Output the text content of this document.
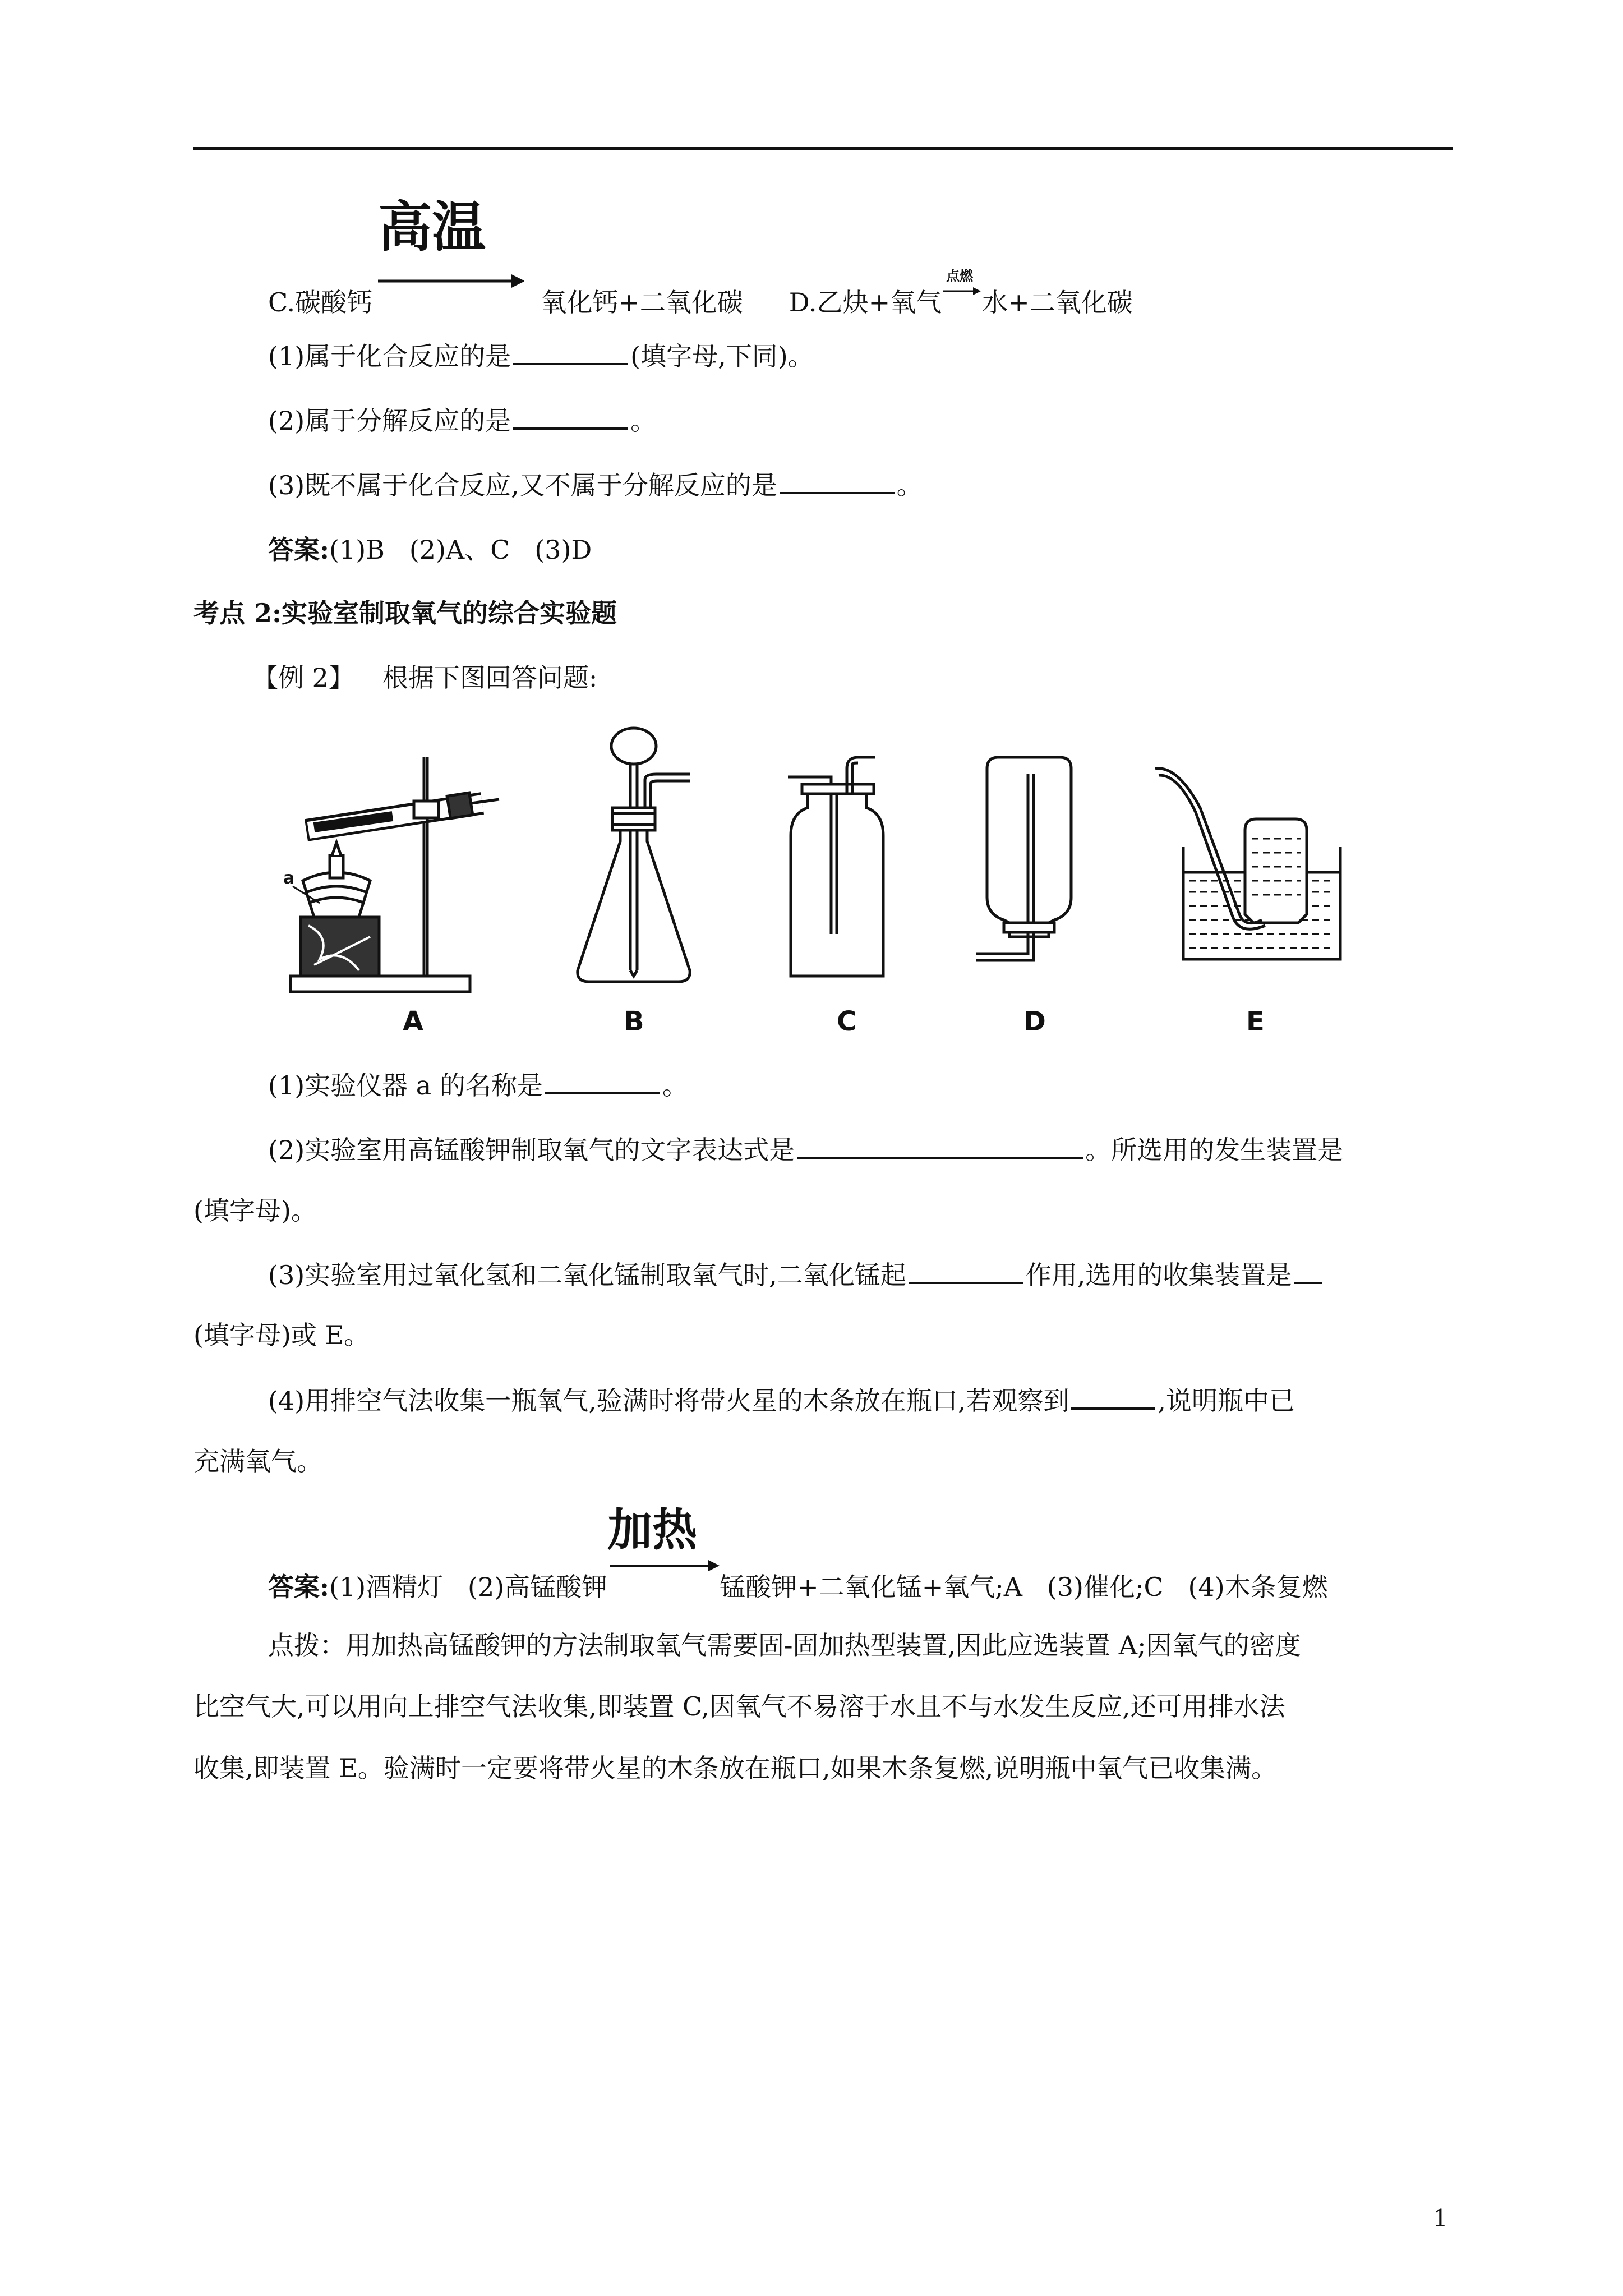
C.碳酸钙
高温
氧化钙+二氧化碳 D.乙炔+氧气
点燃
水+二氧化碳
(1)属于化合反应的是	(填字母,下同)。
(2)属于分解反应的是	。
(3)既不属于化合反应,又不属于分解反应的是	。
答案:(1)B   (2)A、C   (3)D
考点 2:实验室制取氧气的综合实验题
【例 2】 根据下图回答问题:
a
A	B	C	D	E
(1)实验仪器 a 的名称是	。
(2)实验室用高锰酸钾制取氧气的文字表达式是	。所选用的发生装置是
(填字母)。
(3)实验室用过氧化氢和二氧化锰制取氧气时,二氧化锰起	作用,选用的收集装置是
(填字母)或 E。
(4)用排空气法收集一瓶氧气,验满时将带火星的木条放在瓶口,若观察到	,说明瓶中已
充满氧气。
答案:(1)酒精灯   (2)高锰酸钾
加热
锰酸钾+二氧化锰+氧气;A   (3)催化;C   (4)木条复燃
点拨：用加热高锰酸钾的方法制取氧气需要固-固加热型装置,因此应选装置 A;因氧气的密度
比空气大,可以用向上排空气法收集,即装置 C,因氧气不易溶于水且不与水发生反应,还可用排水法
收集,即装置 E。验满时一定要将带火星的木条放在瓶口,如果木条复燃,说明瓶中氧气已收集满。
1
